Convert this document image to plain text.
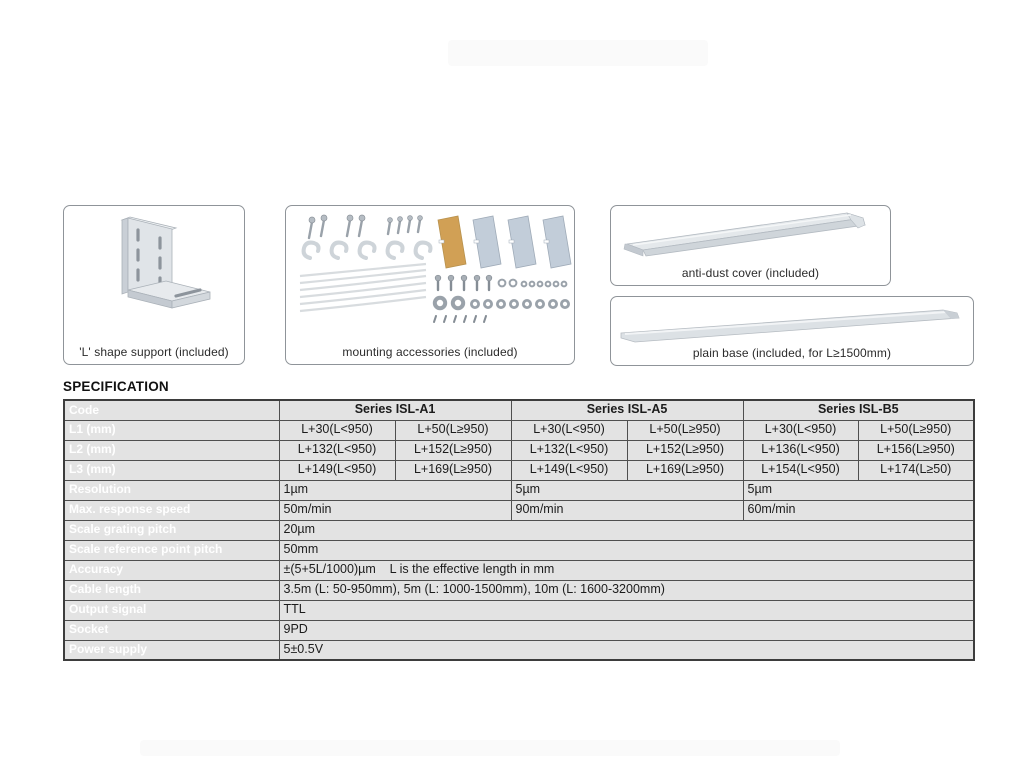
'L' shape support (included)	mounting accessories (included)
anti-dust cover (included)
plain base (included, for L≥1500mm)
SPECIFICATION
Code	Series ISL-A1		Series ISL-A5		Series ISL-B5	
L1 (mm)	L+30(L<950)	L+50(L≥950)	L+30(L<950)	L+50(L≥950)	L+30(L<950)	L+50(L≥950)
L2 (mm)	L+132(L<950)	L+152(L≥950)	L+132(L<950)	L+152(L≥950)	L+136(L<950)	L+156(L≥950)
L3 (mm)	L+149(L<950)	L+169(L≥950)	L+149(L<950)	L+169(L≥950)	L+154(L<950)	L+174(L≥50)
Resolution	1µm		5µm		5µm	
Max. response speed	50m/min		90m/min		60m/min	
Scale grating pitch	20µm					
Scale reference point pitch	50mm					
Accuracy	±(5+5L/1000)µm    L is the effective length in mm					
Cable length	3.5m (L: 50-950mm), 5m (L: 1000-1500mm), 10m (L: 1600-3200mm)					
Output signal	TTL					
Socket	9PD					
Power supply	5±0.5V					
